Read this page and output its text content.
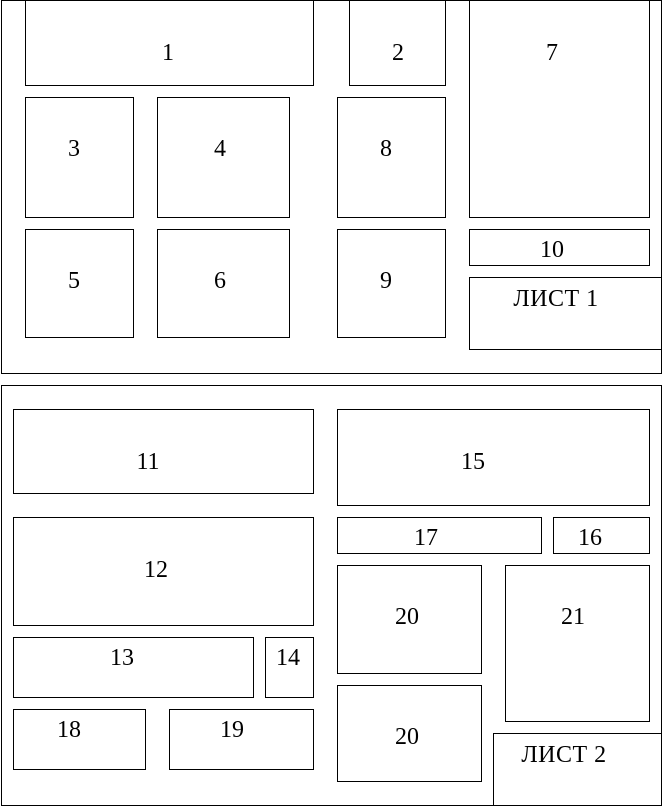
1	2	7
3	4	8
5	6	9
10
ЛИСТ 1
11	15
12
17	16
13	14
20	21
18	19	20
ЛИСТ 2
